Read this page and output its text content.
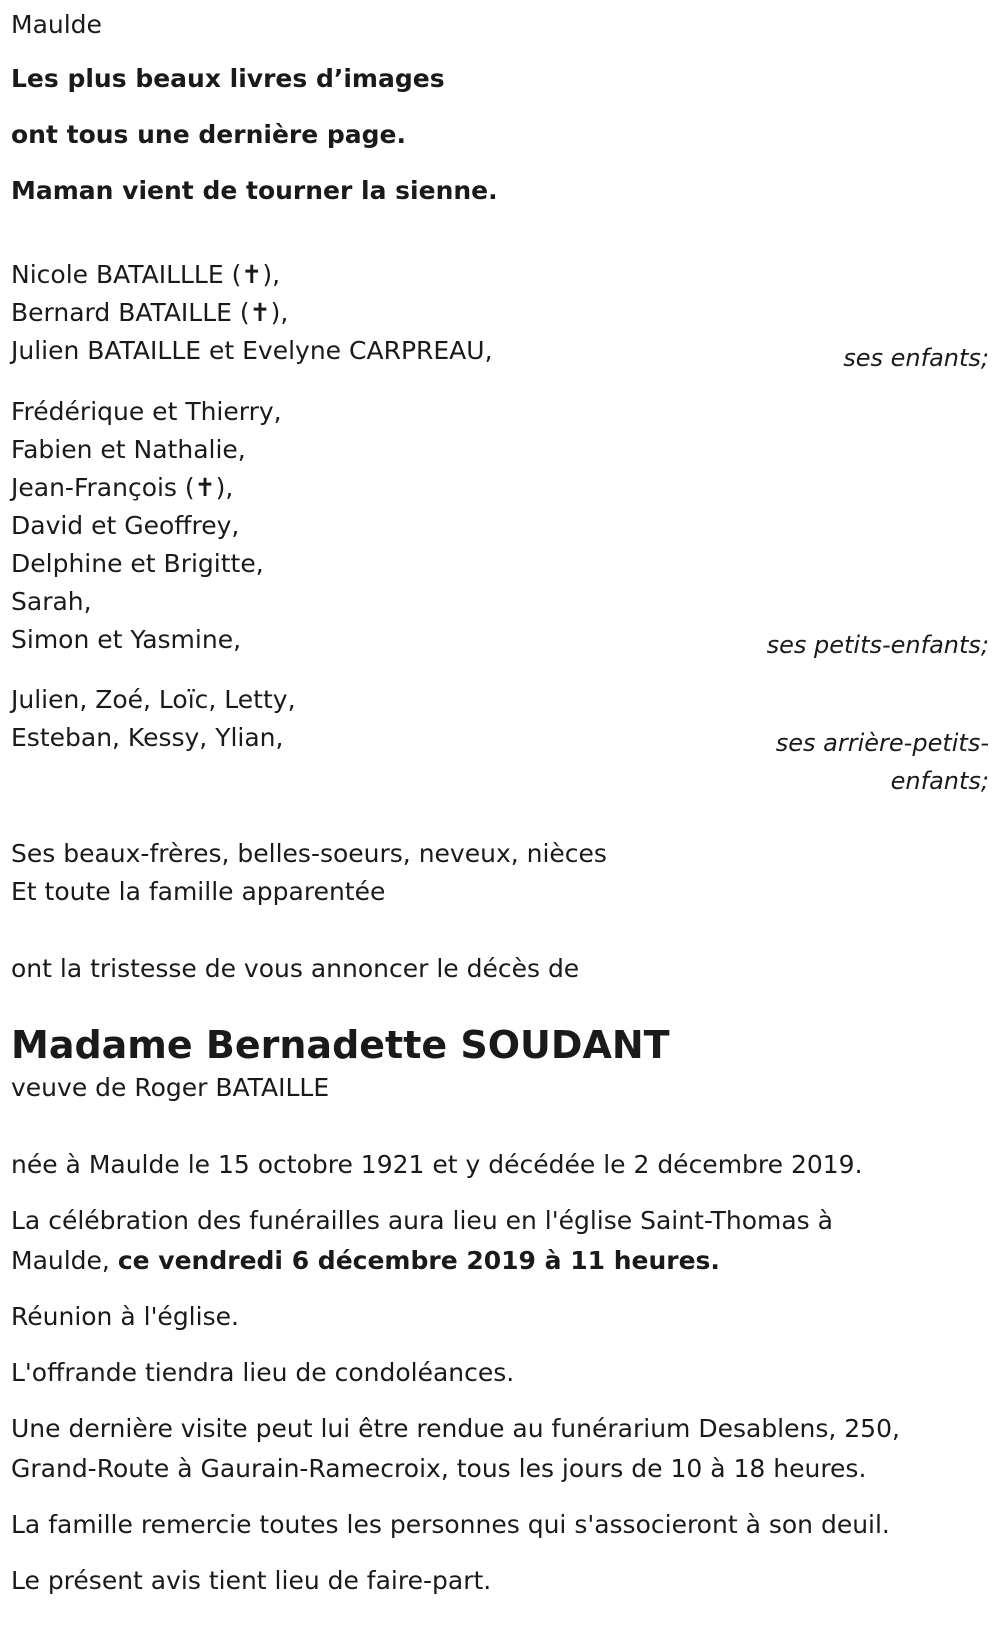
Maulde
Les plus beaux livres d’images
ont tous une dernière page.
Maman vient de tourner la sienne.
Nicole BATAILLLE (✝),
Bernard BATAILLE (✝),
Julien BATAILLE et Evelyne CARPREAU,	ses enfants;
Frédérique et Thierry,
Fabien et Nathalie,
Jean-François (✝),
David et Geoffrey,
Delphine et Brigitte,
Sarah,
Simon et Yasmine,	ses petits-enfants;
Julien, Zoé, Loïc, Letty,
Esteban, Kessy, Ylian,	ses arrière-petits-
enfants;
Ses beaux-frères, belles-soeurs, neveux, nièces
Et toute la famille apparentée
ont la tristesse de vous annoncer le décès de
Madame Bernadette SOUDANT
veuve de Roger BATAILLE
née à Maulde le 15 octobre 1921 et y décédée le 2 décembre 2019.
La célébration des funérailles aura lieu en l'église Saint-Thomas à Maulde, ce vendredi 6 décembre 2019 à 11 heures.
Réunion à l'église.
L'offrande tiendra lieu de condoléances.
Une dernière visite peut lui être rendue au funérarium Desablens, 250, Grand-Route à Gaurain-Ramecroix, tous les jours de 10 à 18 heures.
La famille remercie toutes les personnes qui s'associeront à son deuil.
Le présent avis tient lieu de faire-part.
